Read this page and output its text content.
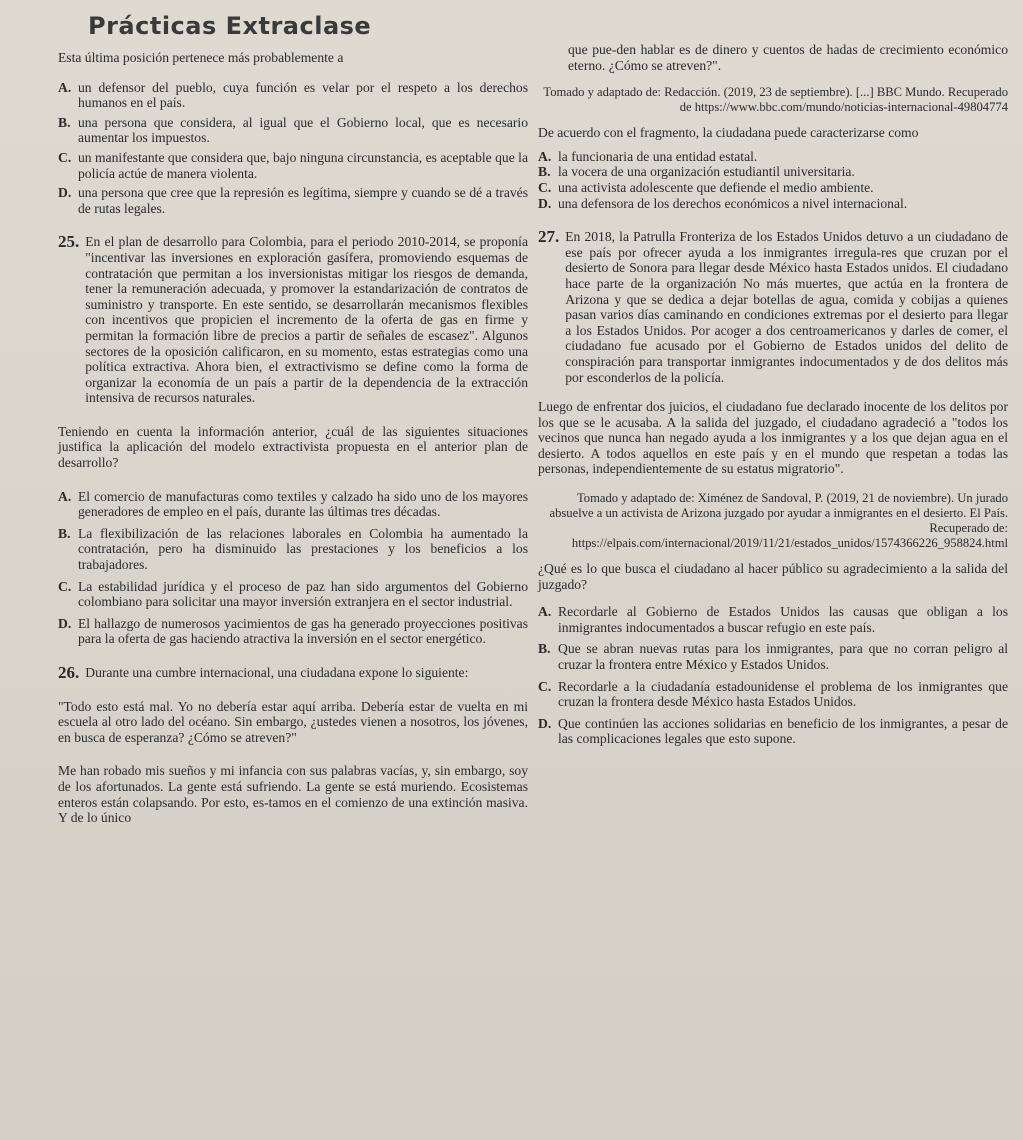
Prácticas Extraclase

Esta última posición pertenece más probablemente a

A. un defensor del pueblo, cuya función es velar por el respeto a los derechos humanos en el país.
B. una persona que considera, al igual que el Gobierno local, que es necesario aumentar los impuestos.
C. un manifestante que considera que, bajo ninguna circunstancia, es aceptable que la policía actúe de manera violenta.
D. una persona que cree que la represión es legítima, siempre y cuando se dé a través de rutas legales.
25. En el plan de desarrollo para Colombia, para el periodo 2010-2014, se proponía "incentivar las inversiones en exploración gasífera, promoviendo esquemas de contratación que permitan a los inversionistas mitigar los riesgos de demanda, tener la remuneración adecuada, y promover la estandarización de contratos de suministro y transporte. En este sentido, se desarrollarán mecanismos flexibles con incentivos que propicien el incremento de la oferta de gas en firme y permitan la formación libre de precios a partir de señales de escasez". Algunos sectores de la oposición calificaron, en su momento, estas estrategias como una política extractiva. Ahora bien, el extractivismo se define como la forma de organizar la economía de un país a partir de la dependencia de la extracción intensiva de recursos naturales.

Teniendo en cuenta la información anterior, ¿cuál de las siguientes situaciones justifica la aplicación del modelo extractivista propuesta en el anterior plan de desarrollo?

A. El comercio de manufacturas como textiles y calzado ha sido uno de los mayores generadores de empleo en el país, durante las últimas tres décadas.
B. La flexibilización de las relaciones laborales en Colombia ha aumentado la contratación, pero ha disminuido las prestaciones y los beneficios a los trabajadores.
C. La estabilidad jurídica y el proceso de paz han sido argumentos del Gobierno colombiano para solicitar una mayor inversión extranjera en el sector industrial.
D. El hallazgo de numerosos yacimientos de gas ha generado proyecciones positivas para la oferta de gas haciendo atractiva la inversión en el sector energético.
26. Durante una cumbre internacional, una ciudadana expone lo siguiente:

"Todo esto está mal. Yo no debería estar aquí arriba. Debería estar de vuelta en mi escuela al otro lado del océano. Sin embargo, ¿ustedes vienen a nosotros, los jóvenes, en busca de esperanza? ¿Cómo se atreven?"

Me han robado mis sueños y mi infancia con sus palabras vacías, y, sin embargo, soy de los afortunados. La gente está sufriendo. La gente se está muriendo. Ecosistemas enteros están colapsando. Por esto, es-tamos en el comienzo de una extinción masiva. Y de lo único

que pue-den hablar es de dinero y cuentos de hadas de crecimiento económico eterno. ¿Cómo se atreven?".

Tomado y adaptado de: Redacción. (2019, 23 de septiembre). [...] BBC Mundo. Recuperado de https://www.bbc.com/mundo/noticias-internacional-49804774

De acuerdo con el fragmento, la ciudadana puede caracterizarse como

A. la funcionaria de una entidad estatal.
B. la vocera de una organización estudiantil universitaria.
C. una activista adolescente que defiende el medio ambiente.
D. una defensora de los derechos económicos a nivel internacional.
27. En 2018, la Patrulla Fronteriza de los Estados Unidos detuvo a un ciudadano de ese país por ofrecer ayuda a los inmigrantes irregula-res que cruzan por el desierto de Sonora para llegar desde México hasta Estados unidos. El ciudadano hace parte de la organización No más muertes, que actúa en la frontera de Arizona y que se dedica a dejar botellas de agua, comida y cobijas a quienes pasan varios días caminando en condiciones extremas por el desierto para llegar a los Estados Unidos. Por acoger a dos centroamericanos y darles de comer, el ciudadano fue acusado por el Gobierno de Estados unidos del delito de conspiración para transportar inmigrantes indocumentados y de dos delitos más por esconderlos de la policía.

Luego de enfrentar dos juicios, el ciudadano fue declarado inocente de los delitos por los que se le acusaba. A la salida del juzgado, el ciudadano agradeció a "todos los vecinos que nunca han negado ayuda a los inmigrantes y a los que dejan agua en el desierto. A todos aquellos en este país y en el mundo que respetan a todas las personas, independientemente de su estatus migratorio".

Tomado y adaptado de: Ximénez de Sandoval, P. (2019, 21 de noviembre). Un jurado absuelve a un activista de Arizona juzgado por ayudar a inmigrantes en el desierto. El País. Recuperado de: https://elpais.com/internacional/2019/11/21/estados_unidos/1574366226_958824.html

¿Qué es lo que busca el ciudadano al hacer público su agradecimiento a la salida del juzgado?

A. Recordarle al Gobierno de Estados Unidos las causas que obligan a los inmigrantes indocumentados a buscar refugio en este país.
B. Que se abran nuevas rutas para los inmigrantes, para que no corran peligro al cruzar la frontera entre México y Estados Unidos.
C. Recordarle a la ciudadanía estadounidense el problema de los inmigrantes que cruzan la frontera desde México hasta Estados Unidos.
D. Que continúen las acciones solidarias en beneficio de los inmigrantes, a pesar de las complicaciones legales que esto supone.
